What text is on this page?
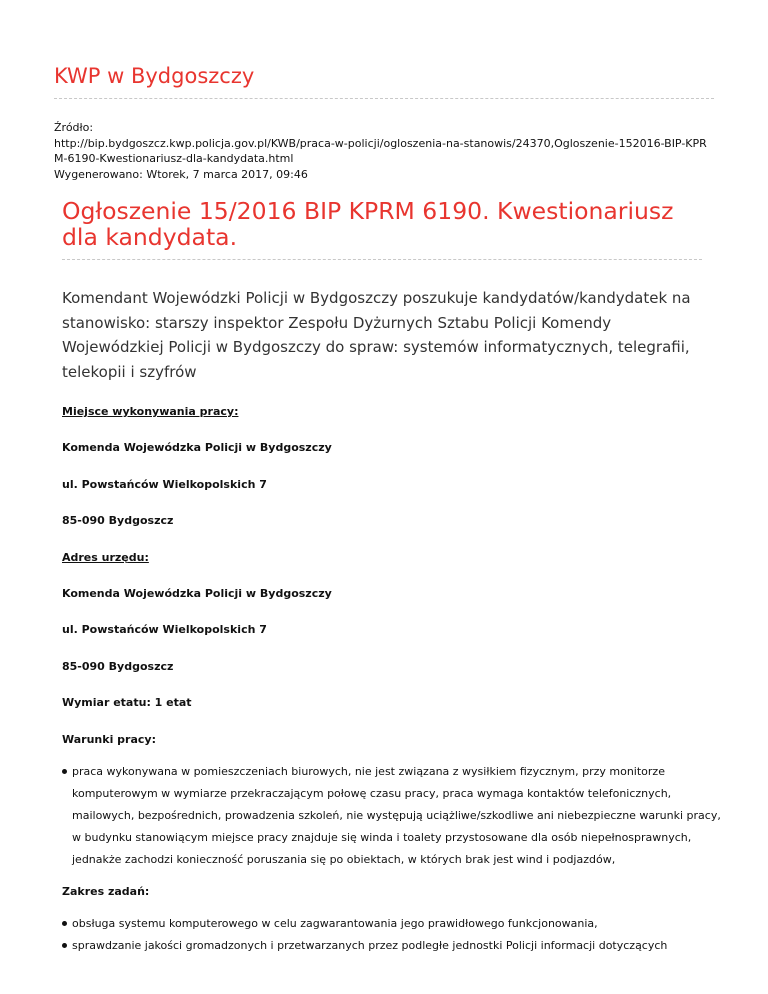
KWP w Bydgoszczy
Źródło:
http://bip.bydgoszcz.kwp.policja.gov.pl/KWB/praca-w-policji/ogloszenia-na-stanowis/24370,Ogloszenie-152016-BIP-KPR
M-6190-Kwestionariusz-dla-kandydata.html
Wygenerowano: Wtorek, 7 marca 2017, 09:46
Ogłoszenie 15/2016 BIP KPRM 6190. Kwestionariusz
dla kandydata.
Komendant Wojewódzki Policji w Bydgoszczy poszukuje kandydatów/kandydatek na
stanowisko: starszy inspektor Zespołu Dyżurnych Sztabu Policji Komendy
Wojewódzkiej Policji w Bydgoszczy do spraw: systemów informatycznych, telegrafii,
telekopii i szyfrów

Miejsce wykonywania pracy:

Komenda Wojewódzka Policji w Bydgoszczy

ul. Powstańców Wielkopolskich 7

85-090 Bydgoszcz

Adres urzędu:

Komenda Wojewódzka Policji w Bydgoszczy

ul. Powstańców Wielkopolskich 7

85-090 Bydgoszcz

Wymiar etatu: 1 etat

Warunki pracy:

praca wykonywana w pomieszczeniach biurowych, nie jest związana z wysiłkiem fizycznym, przy monitorze
komputerowym w wymiarze przekraczającym połowę czasu pracy, praca wymaga kontaktów telefonicznych,
mailowych, bezpośrednich, prowadzenia szkoleń, nie występują uciążliwe/szkodliwe ani niebezpieczne warunki pracy,
w budynku stanowiącym miejsce pracy znajduje się winda i toalety przystosowane dla osób niepełnosprawnych,
jednakże zachodzi konieczność poruszania się po obiektach, w których brak jest wind i podjazdów,

Zakres zadań:

obsługa systemu komputerowego w celu zagwarantowania jego prawidłowego funkcjonowania,
sprawdzanie jakości gromadzonych i przetwarzanych przez podległe jednostki Policji informacji dotyczących
